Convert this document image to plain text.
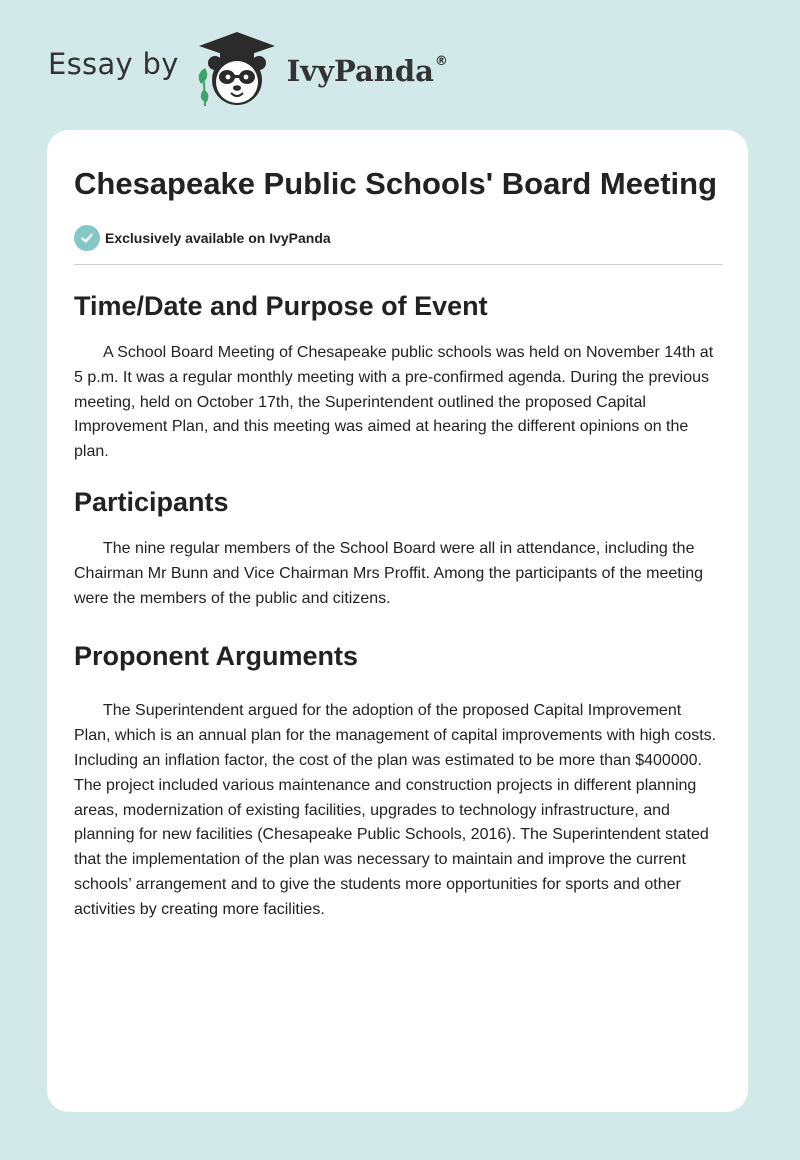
Essay by	IvyPanda®
Chesapeake Public Schools' Board Meeting
Exclusively available on IvyPanda
Time/Date and Purpose of Event

A School Board Meeting of Chesapeake public schools was held on November 14th at 5 p.m. It was a regular monthly meeting with a pre-confirmed agenda. During the previous meeting, held on October 17th, the Superintendent outlined the proposed Capital Improvement Plan, and this meeting was aimed at hearing the different opinions on the plan.

Participants

The nine regular members of the School Board were all in attendance, including the Chairman Mr Bunn and Vice Chairman Mrs Proffit. Among the participants of the meeting were the members of the public and citizens.

Proponent Arguments

The Superintendent argued for the adoption of the proposed Capital Improvement Plan, which is an annual plan for the management of capital improvements with high costs. Including an inflation factor, the cost of the plan was estimated to be more than $400000. The project included various maintenance and construction projects in different planning areas, modernization of existing facilities, upgrades to technology infrastructure, and planning for new facilities (Chesapeake Public Schools, 2016). The Superintendent stated that the implementation of the plan was necessary to maintain and improve the current schools’ arrangement and to give the students more opportunities for sports and other activities by creating more facilities.
